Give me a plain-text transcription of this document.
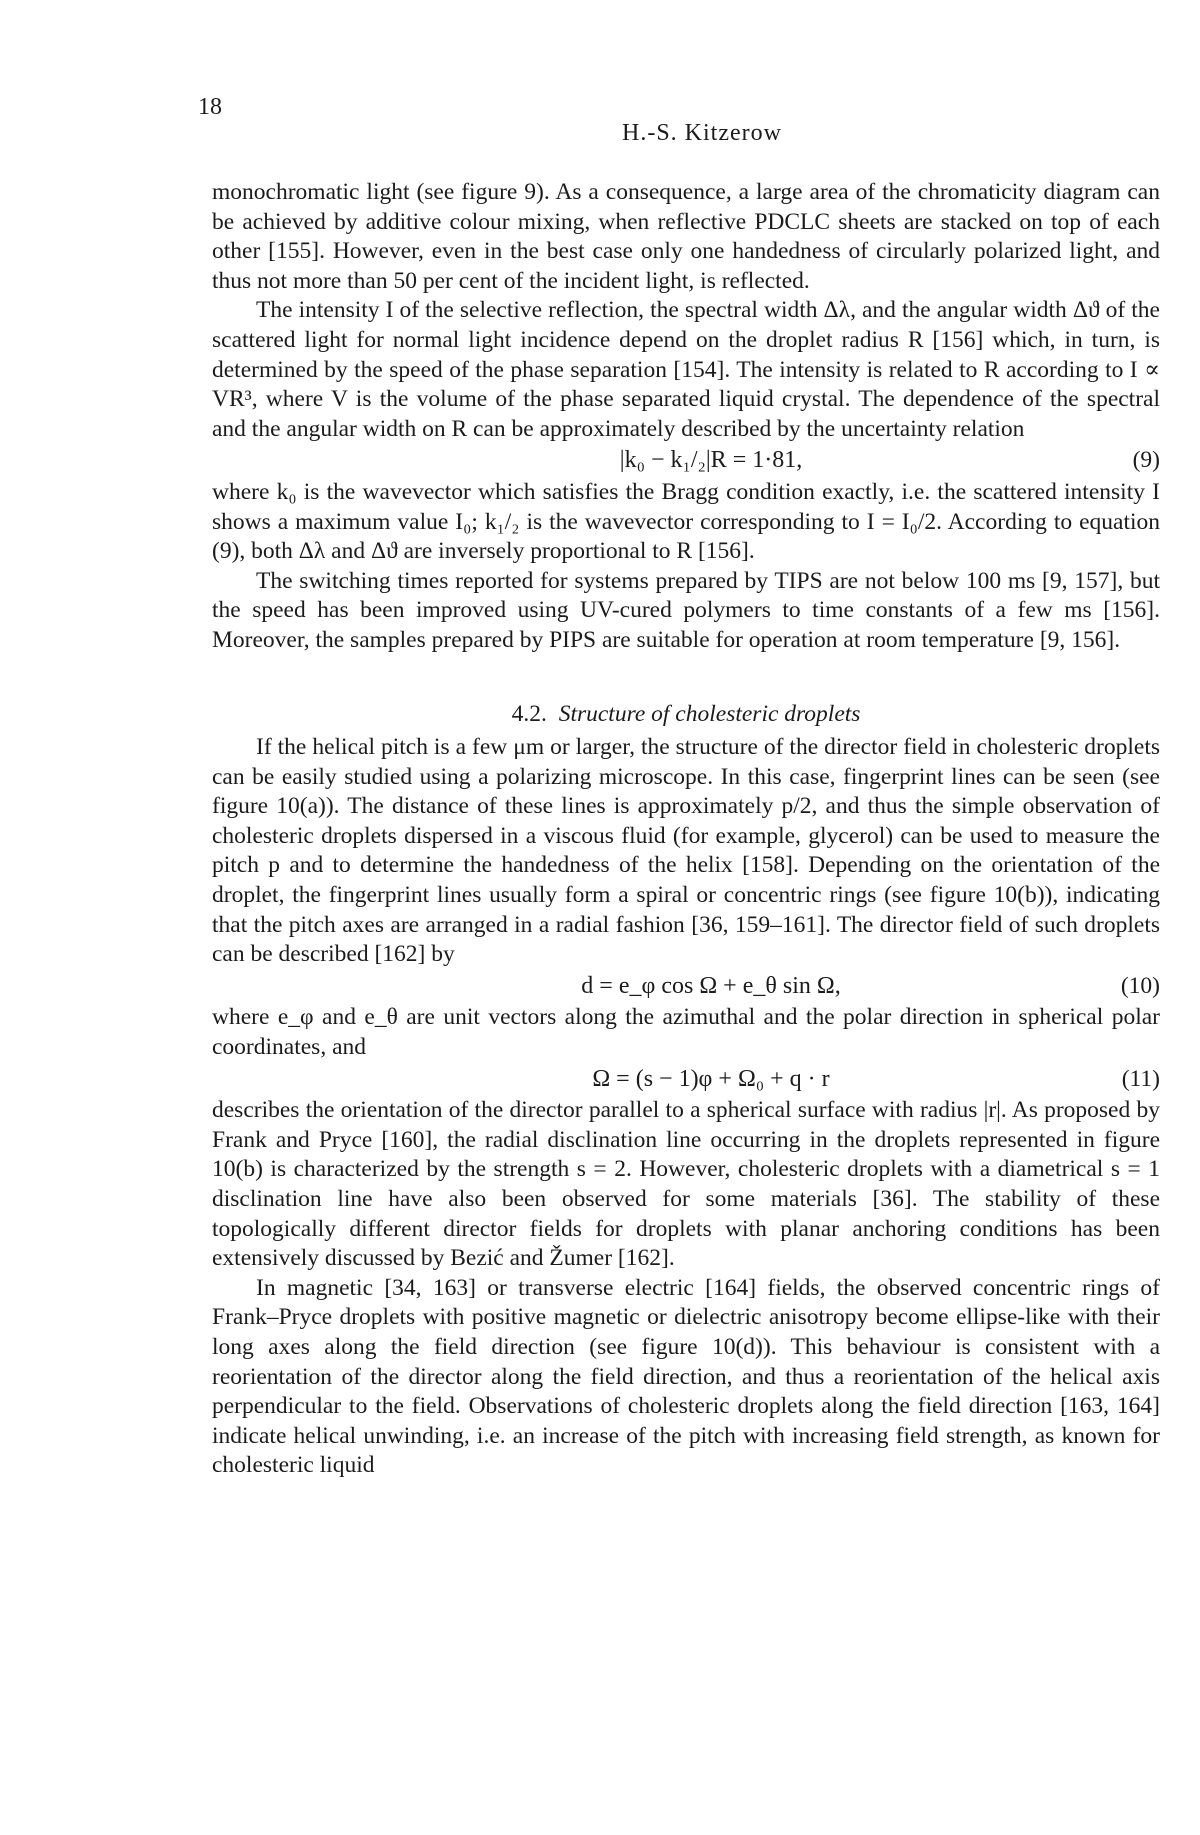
18
H.-S. Kitzerow

monochromatic light (see figure 9). As a consequence, a large area of the chromaticity diagram can be achieved by additive colour mixing, when reflective PDCLC sheets are stacked on top of each other [155]. However, even in the best case only one handedness of circularly polarized light, and thus not more than 50 per cent of the incident light, is reflected.

The intensity I of the selective reflection, the spectral width Δλ, and the angular width Δϑ of the scattered light for normal light incidence depend on the droplet radius R [156] which, in turn, is determined by the speed of the phase separation [154]. The intensity is related to R according to I ∝ VR³, where V is the volume of the phase separated liquid crystal. The dependence of the spectral and the angular width on R can be approximately described by the uncertainty relation

|k₀ − k₁/₂|R = 1·81,	(9)

where k₀ is the wavevector which satisfies the Bragg condition exactly, i.e. the scattered intensity I shows a maximum value I₀; k₁/₂ is the wavevector corresponding to I = I₀/2. According to equation (9), both Δλ and Δϑ are inversely proportional to R [156].

The switching times reported for systems prepared by TIPS are not below 100 ms [9, 157], but the speed has been improved using UV-cured polymers to time constants of a few ms [156]. Moreover, the samples prepared by PIPS are suitable for operation at room temperature [9, 156].

4.2. Structure of cholesteric droplets

If the helical pitch is a few μm or larger, the structure of the director field in cholesteric droplets can be easily studied using a polarizing microscope. In this case, fingerprint lines can be seen (see figure 10(a)). The distance of these lines is approximately p/2, and thus the simple observation of cholesteric droplets dispersed in a viscous fluid (for example, glycerol) can be used to measure the pitch p and to determine the handedness of the helix [158]. Depending on the orientation of the droplet, the fingerprint lines usually form a spiral or concentric rings (see figure 10(b)), indicating that the pitch axes are arranged in a radial fashion [36, 159–161]. The director field of such droplets can be described [162] by

d = e_φ cos Ω + e_θ sin Ω,	(10)

where e_φ and e_θ are unit vectors along the azimuthal and the polar direction in spherical polar coordinates, and

Ω = (s − 1)φ + Ω₀ + q · r	(11)

describes the orientation of the director parallel to a spherical surface with radius |r|. As proposed by Frank and Pryce [160], the radial disclination line occurring in the droplets represented in figure 10(b) is characterized by the strength s = 2. However, cholesteric droplets with a diametrical s = 1 disclination line have also been observed for some materials [36]. The stability of these topologically different director fields for droplets with planar anchoring conditions has been extensively discussed by Bezić and Žumer [162].

In magnetic [34, 163] or transverse electric [164] fields, the observed concentric rings of Frank–Pryce droplets with positive magnetic or dielectric anisotropy become ellipse-like with their long axes along the field direction (see figure 10(d)). This behaviour is consistent with a reorientation of the director along the field direction, and thus a reorientation of the helical axis perpendicular to the field. Observations of cholesteric droplets along the field direction [163, 164] indicate helical unwinding, i.e. an increase of the pitch with increasing field strength, as known for cholesteric liquid
